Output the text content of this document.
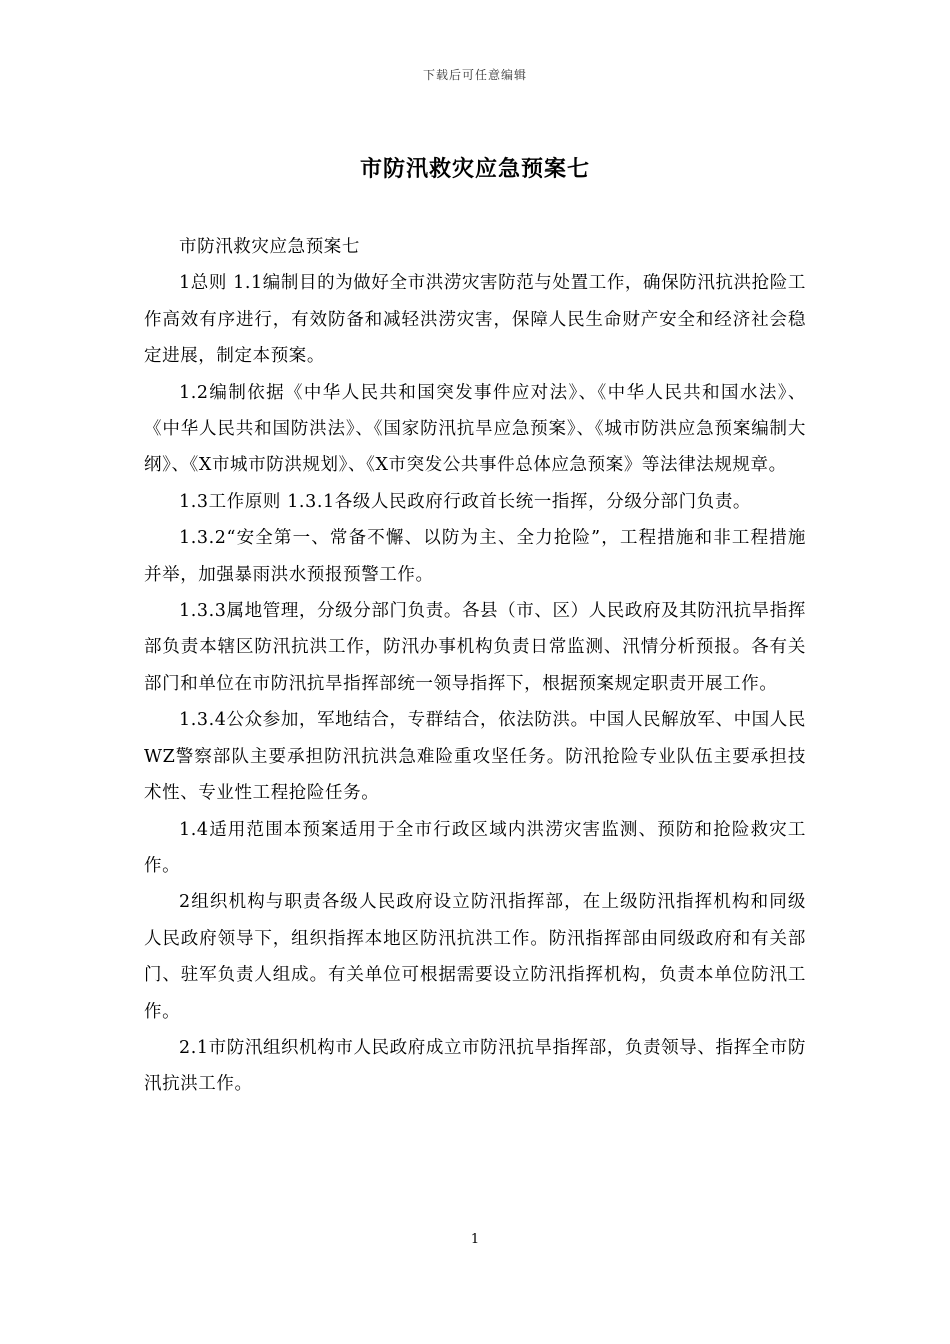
下载后可任意编辑
市防汛救灾应急预案七

市防汛救灾应急预案七

1总则 1.1编制目的为做好全市洪涝灾害防范与处置工作，确保防汛抗洪抢险工作高效有序进行，有效防备和减轻洪涝灾害，保障人民生命财产安全和经济社会稳定进展，制定本预案。

1.2编制依据《中华人民共和国突发事件应对法》、《中华人民共和国水法》、《中华人民共和国防洪法》、《国家防汛抗旱应急预案》、《城市防洪应急预案编制大纲》、《X市城市防洪规划》、《X市突发公共事件总体应急预案》等法律法规规章。

1.3工作原则 1.3.1各级人民政府行政首长统一指挥，分级分部门负责。

1.3.2“安全第一、常备不懈、以防为主、全力抢险”，工程措施和非工程措施并举，加强暴雨洪水预报预警工作。

1.3.3属地管理，分级分部门负责。各县（市、区）人民政府及其防汛抗旱指挥部负责本辖区防汛抗洪工作，防汛办事机构负责日常监测、汛情分析预报。各有关部门和单位在市防汛抗旱指挥部统一领导指挥下，根据预案规定职责开展工作。

1.3.4公众参加，军地结合，专群结合，依法防洪。中国人民解放军、中国人民WZ警察部队主要承担防汛抗洪急难险重攻坚任务。防汛抢险专业队伍主要承担技术性、专业性工程抢险任务。

1.4适用范围本预案适用于全市行政区域内洪涝灾害监测、预防和抢险救灾工作。

2组织机构与职责各级人民政府设立防汛指挥部，在上级防汛指挥机构和同级人民政府领导下，组织指挥本地区防汛抗洪工作。防汛指挥部由同级政府和有关部门、驻军负责人组成。有关单位可根据需要设立防汛指挥机构，负责本单位防汛工作。

2.1市防汛组织机构市人民政府成立市防汛抗旱指挥部，负责领导、指挥全市防汛抗洪工作。

1
